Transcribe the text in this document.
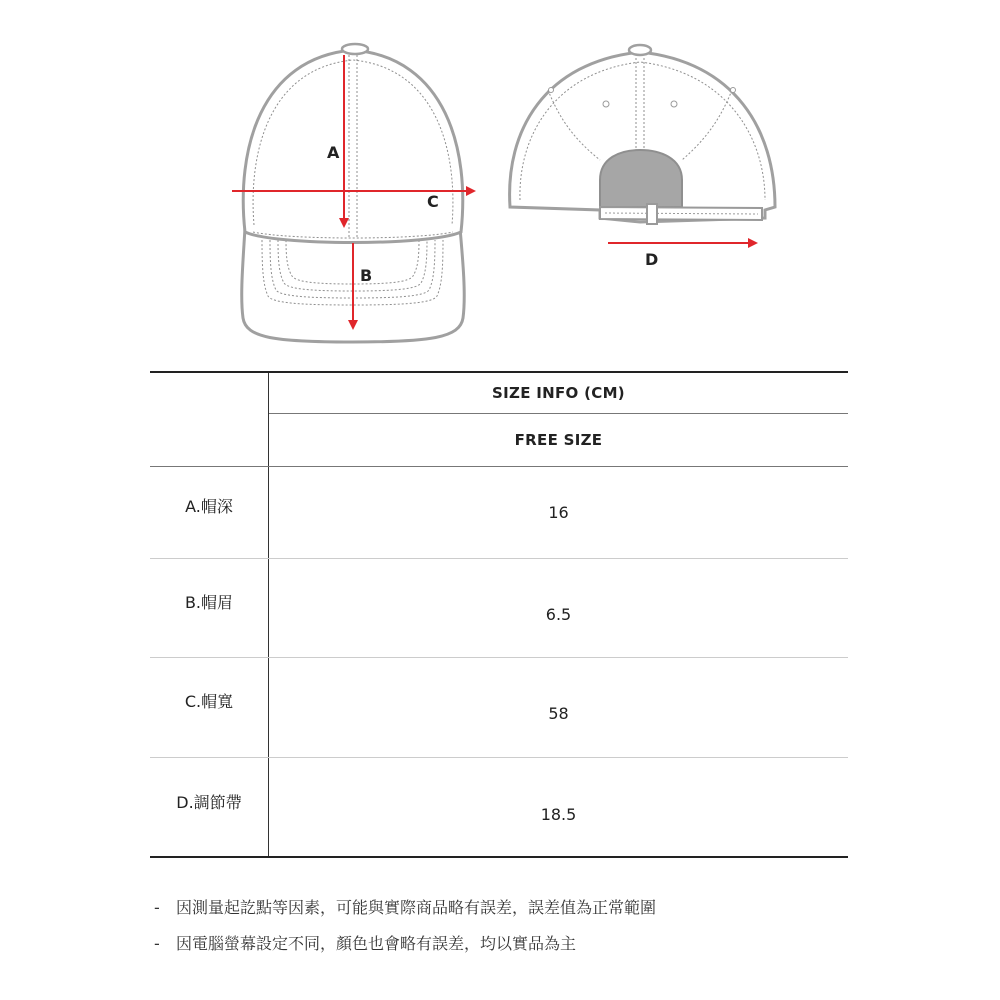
A
B
C
D
SIZE INFO (CM)
FREE SIZE
A.帽深	16
B.帽眉
6.5
C.帽寬
58
D.調節帶
18.5
- 因測量起訖點等因素，可能與實際商品略有誤差，誤差值為正常範圍
- 因電腦螢幕設定不同，顏色也會略有誤差，均以實品為主
